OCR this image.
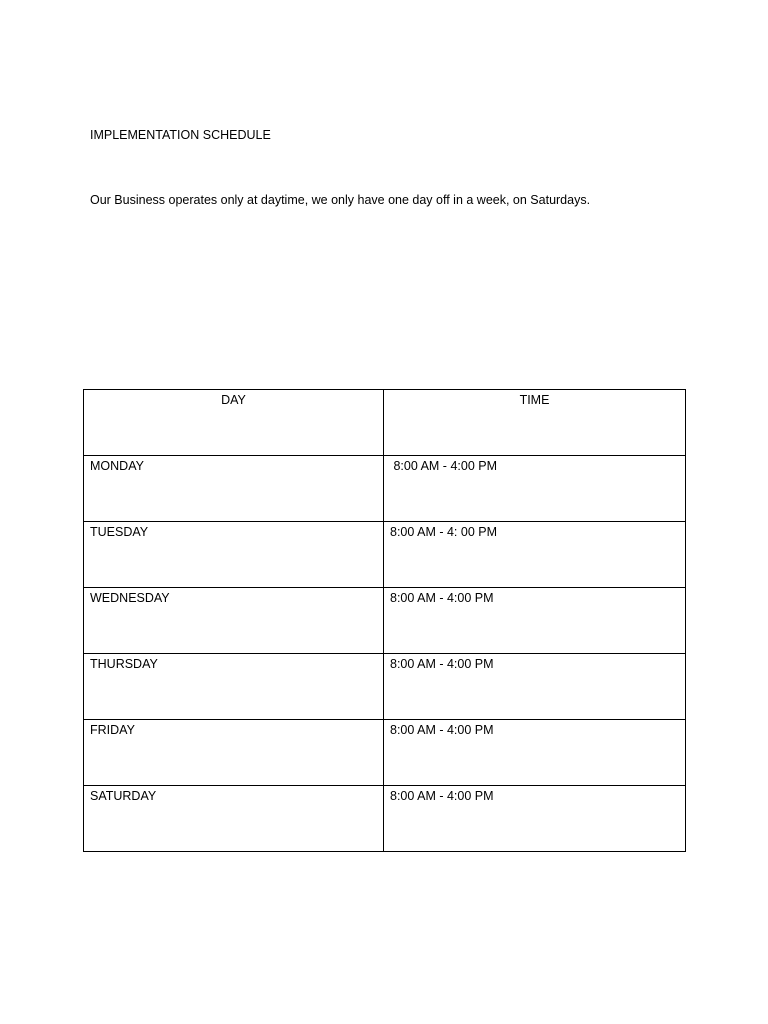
IMPLEMENTATION SCHEDULE
Our Business operates only at daytime, we only have one day off in a week, on Saturdays.
DAY	TIME

MONDAY	8:00 AM - 4:00 PM

TUESDAY	8:00 AM - 4: 00 PM

WEDNESDAY	8:00 AM - 4:00 PM

THURSDAY	8:00 AM - 4:00 PM

FRIDAY	8:00 AM - 4:00 PM

SATURDAY	8:00 AM - 4:00 PM
